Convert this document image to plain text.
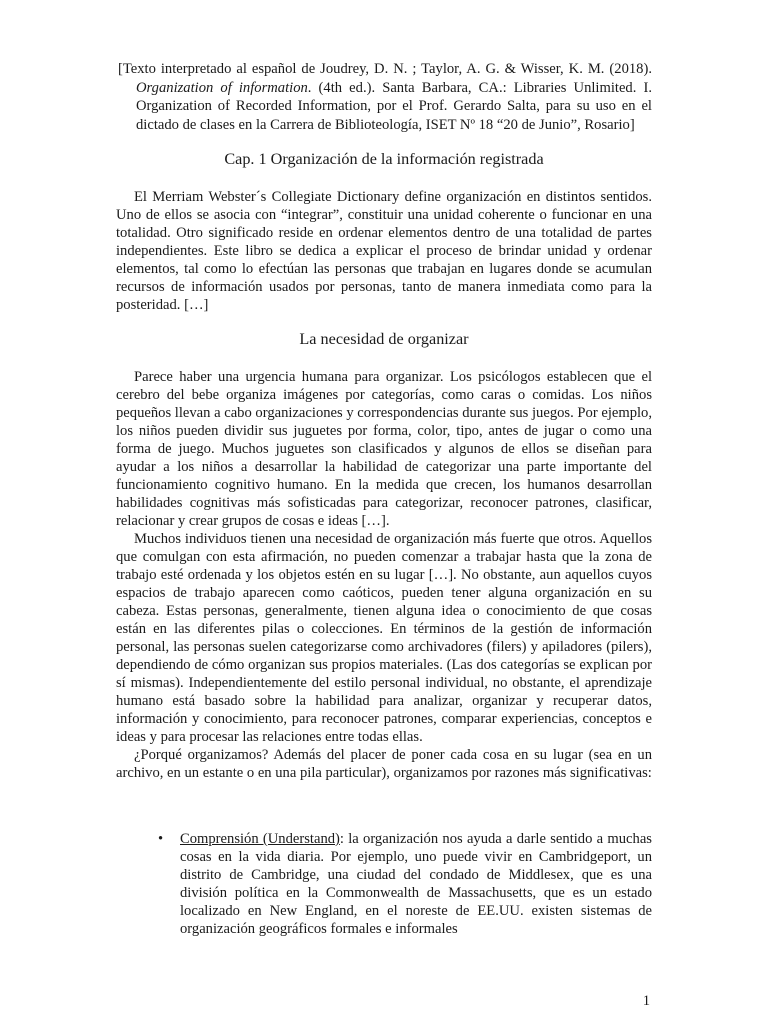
[Texto interpretado al español de Joudrey, D. N. ; Taylor, A. G. & Wisser, K. M. (2018). Organization of information. (4th ed.). Santa Barbara, CA.: Libraries Unlimited. I. Organization of Recorded Information, por el Prof. Gerardo Salta, para su uso en el dictado de clases en la Carrera de Biblioteología, ISET Nº 18 “20 de Junio”, Rosario]

Cap. 1 Organización de la información registrada

El Merriam Webster´s Collegiate Dictionary define organización en distintos sentidos. Uno de ellos se asocia con “integrar”, constituir una unidad coherente o funcionar en una totalidad. Otro significado reside en ordenar elementos dentro de una totalidad de partes independientes. Este libro se dedica a explicar el proceso de brindar unidad y ordenar elementos, tal como lo efectúan las personas que trabajan en lugares donde se acumulan recursos de información usados por personas, tanto de manera inmediata como para la posteridad. […]

La necesidad de organizar

Parece haber una urgencia humana para organizar. Los psicólogos establecen que el cerebro del bebe organiza imágenes por categorías, como caras o comidas. Los niños pequeños llevan a cabo organizaciones y correspondencias durante sus juegos. Por ejemplo, los niños pueden dividir sus juguetes por forma, color, tipo, antes de jugar o como una forma de juego. Muchos juguetes son clasificados y algunos de ellos se diseñan para ayudar a los niños a desarrollar la habilidad de categorizar una parte importante del funcionamiento cognitivo humano. En la medida que crecen, los humanos desarrollan habilidades cognitivas más sofisticadas para categorizar, reconocer patrones, clasificar, relacionar y crear grupos de cosas e ideas […].

Muchos individuos tienen una necesidad de organización más fuerte que otros. Aquellos que comulgan con esta afirmación, no pueden comenzar a trabajar hasta que la zona de trabajo esté ordenada y los objetos estén en su lugar […]. No obstante, aun aquellos cuyos espacios de trabajo aparecen como caóticos, pueden tener alguna organización en su cabeza. Estas personas, generalmente, tienen alguna idea o conocimiento de que cosas están en las diferentes pilas o colecciones. En términos de la gestión de información personal, las personas suelen categorizarse como archivadores (filers) y apiladores (pilers), dependiendo de cómo organizan sus propios materiales. (Las dos categorías se explican por sí mismas). Independientemente del estilo personal individual, no obstante, el aprendizaje humano está basado sobre la habilidad para analizar, organizar y recuperar datos, información y conocimiento, para reconocer patrones, comparar experiencias, conceptos e ideas y para procesar las relaciones entre todas ellas.

¿Porqué organizamos? Además del placer de poner cada cosa en su lugar (sea en un archivo, en un estante o en una pila particular), organizamos por razones más significativas:

• Comprensión (Understand): la organización nos ayuda a darle sentido a muchas cosas en la vida diaria. Por ejemplo, uno puede vivir en Cambridgeport, un distrito de Cambridge, una ciudad del condado de Middlesex, que es una división política en la Commonwealth de Massachusetts, que es un estado localizado en New England, en el noreste de EE.UU. existen sistemas de organización geográficos formales e informales
1
